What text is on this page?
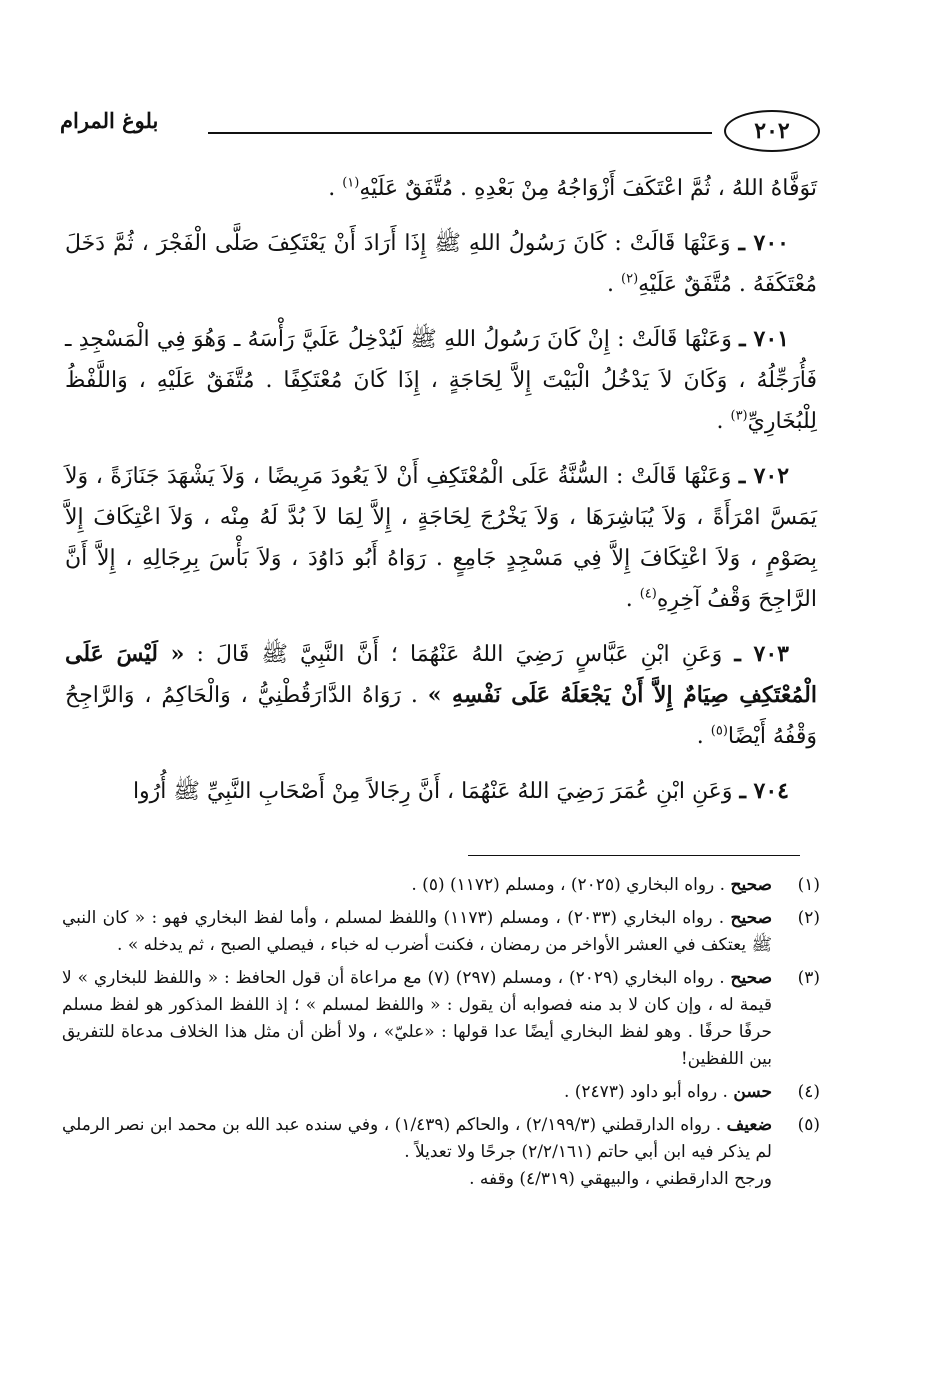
بلوغ المرام	٢٠٢

تَوَفَّاهُ اللهُ ، ثُمَّ اعْتَكَفَ أَزْوَاجُهُ مِنْ بَعْدِهِ . مُتَّفَقٌ عَلَيْهِ$^{(١)}$ .

٧٠٠ ـ وَعَنْهَا قَالَتْ : كَانَ رَسُولُ اللهِ ﷺ إِذَا أَرَادَ أَنْ يَعْتَكِفَ صَلَّى الْفَجْرَ ، ثُمَّ دَخَلَ مُعْتَكَفَهُ . مُتَّفَقٌ عَلَيْهِ$^{(٢)}$ .

٧٠١ ـ وَعَنْهَا قَالَتْ : إِنْ كَانَ رَسُولُ اللهِ ﷺ لَيُدْخِلُ عَلَيَّ رَأْسَهُ ـ وَهُوَ فِي الْمَسْجِدِ ـ فَأُرَجِّلُهُ ، وَكَانَ لاَ يَدْخُلُ الْبَيْتَ إِلاَّ لِحَاجَةٍ ، إِذَا كَانَ مُعْتَكِفًا . مُتَّفَقٌ عَلَيْهِ ، وَاللَّفْظُ لِلْبُخَارِيِّ$^{(٣)}$ .

٧٠٢ ـ وَعَنْهَا قَالَتْ : السُّنَّةُ عَلَى الْمُعْتَكِفِ أَنْ لاَ يَعُودَ مَرِيضًا ، وَلاَ يَشْهَدَ جَنَازَةً ، وَلاَ يَمَسَّ امْرَأَةً ، وَلاَ يُبَاشِرَهَا ، وَلاَ يَخْرُجَ لِحَاجَةٍ ، إِلاَّ لِمَا لاَ بُدَّ لَهُ مِنْه ، وَلاَ اعْتِكَافَ إِلاَّ بِصَوْمٍ ، وَلاَ اعْتِكَافَ إِلاَّ فِي مَسْجِدٍ جَامِعٍ . رَوَاهُ أَبُو دَاوُدَ ، وَلاَ بَأْسَ بِرِجَالِهِ ، إِلاَّ أَنَّ الرَّاجِحَ وَقْفُ آخِرِهِ$^{(٤)}$ .

٧٠٣ ـ وَعَنِ ابْنِ عَبَّاسٍ رَضِيَ اللهُ عَنْهُمَا ؛ أَنَّ النَّبِيَّ ﷺ قَالَ : « لَيْسَ عَلَى الْمُعْتَكِفِ صِيَامٌ إِلاَّ أَنْ يَجْعَلَهُ عَلَى نَفْسِهِ » . رَوَاهُ الدَّارَقُطْنِيُّ ، وَالْحَاكِمُ ، وَالرَّاجِحُ وَقْفُهُ أَيْضًا$^{(٥)}$ .

٧٠٤ ـ وَعَنِ ابْنِ عُمَرَ رَضِيَ اللهُ عَنْهُمَا ، أَنَّ رِجَالاً مِنْ أَصْحَابِ النَّبِيِّ ﷺ أُرُوا

(١)
صحيح . رواه البخاري (٢٠٢٥) ، ومسلم (١١٧٢) (٥) .
(٢)
صحيح . رواه البخاري (٢٠٣٣) ، ومسلم (١١٧٣) واللفظ لمسلم ، وأما لفظ البخاري فهو : « كان النبي ﷺ يعتكف في العشر الأواخر من رمضان ، فكنت أضرب له خباء ، فيصلي الصبح ، ثم يدخله » .
(٣)
صحيح . رواه البخاري (٢٠٢٩) ، ومسلم (٢٩٧) (٧) مع مراعاة أن قول الحافظ : « واللفظ للبخاري » لا قيمة له ، وإن كان لا بد منه فصوابه أن يقول : « واللفظ لمسلم » ؛ إذ اللفظ المذكور هو لفظ مسلم حرفًا حرفًا . وهو لفظ البخاري أيضًا عدا قولها : «عليّ» ، ولا أظن أن مثل هذا الخلاف مدعاة للتفريق بين اللفظين!
(٤)
حسن . رواه أبو داود (٢٤٧٣) .
(٥)
ضعيف . رواه الدارقطني (٢/١٩٩/٣) ، والحاكم (١/٤٣٩) ، وفي سنده عبد الله بن محمد ابن نصر الرملي لم يذكر فيه ابن أبي حاتم (٢/٢/١٦١) جرحًا ولا تعديلاً .
ورجح الدارقطني ، والبيهقي (٤/٣١٩) وقفه .
